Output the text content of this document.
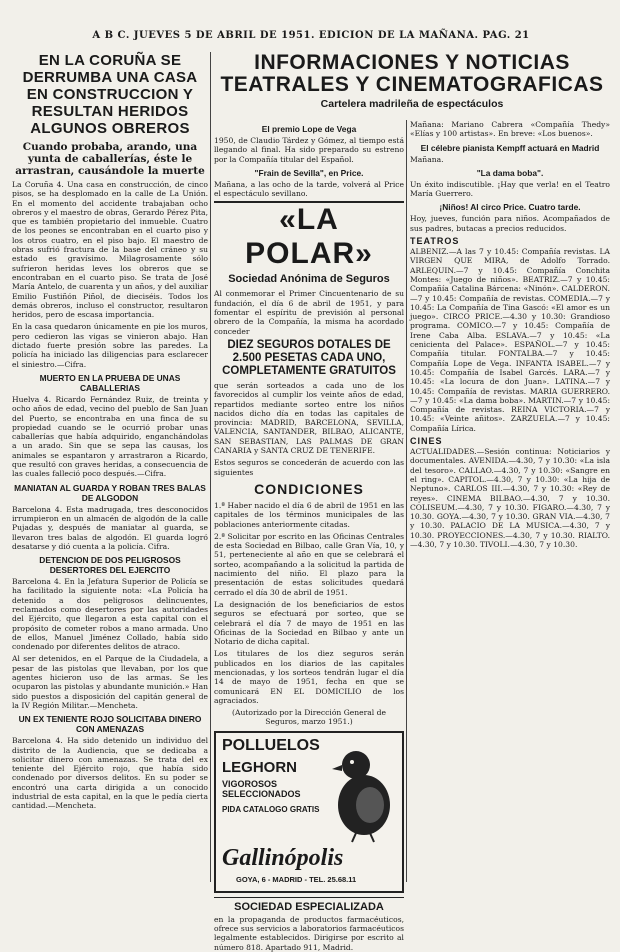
A B C. JUEVES 5 DE ABRIL DE 1951. EDICION DE LA MAÑANA. PAG. 21
EN LA CORUÑA SE DERRUMBA UNA CASA EN CONSTRUCCION Y RESULTAN HERIDOS ALGUNOS OBREROS
Cuando probaba, arando, una yunta de caballerías, éste le arrastran, causándole la muerte

La Coruña 4. Una casa en construcción, de cinco pisos, se ha desplomado en la calle de La Unión. En el momento del accidente trabajaban ocho obreros y el maestro de obras, Gerardo Pérez Pita, que es también propietario del inmueble. Cuatro de los peones se encontraban en el cuarto piso y los otros cuatro, en el piso bajo. El maestro de obras sufrió fractura de la base del cráneo y su estado es gravísimo. Milagrosamente sólo sufrieron heridas leves los obreros que se encontraban en el cuarto piso. Se trata de José María Antelo, de cuarenta y un años, y del auxiliar Emilio Fustiñón Piñol, de dieciséis. Todos los demás obreros, incluso el constructor, resultaron heridos, pero de escasa importancia.

En la casa quedaron únicamente en pie los muros, pero cedieron las vigas se vinieron abajo. Han dictado fuerte presión sobre las paredes. La policía ha iniciado las diligencias para esclarecer el siniestro.—Cifra.

MUERTO EN LA PRUEBA DE UNAS CABALLERIAS

Huelva 4. Ricardo Fernández Ruiz, de treinta y ocho años de edad, vecino del pueblo de San Juan del Puerto, se encontraba en una finca de su propiedad cuando se le ocurrió probar unas caballerías que había adquirido, enganchándolas a un arado. Sin que se sepa las causas, los animales se espantaron y arrastraron a Ricardo, que resultó con graves heridas, a consecuencia de las cuales falleció poco después.—Cifra.

MANIATAN AL GUARDA Y ROBAN TRES BALAS DE ALGODON

Barcelona 4. Esta madrugada, tres desconocidos irrumpieron en un almacén de algodón de la calle Pujadas y, después de maniatar al guarda, se llevaron tres balas de algodón. El guarda logró desatarse y dió cuenta a la policía. Cifra.

DETENCION DE DOS PELIGROSOS DESERTORES DEL EJERCITO

Barcelona 4. En la Jefatura Superior de Policía se ha facilitado la siguiente nota: «La Policía ha detenido a dos peligrosos delincuentes, reclamados como desertores por las autoridades del Ejército, que llegaron a esta capital con el propósito de cometer robos a mano armada. Uno de ellos, Manuel Jiménez Collado, había sido condenado por diferentes delitos de atraco.

Al ser detenidos, en el Parque de la Ciudadela, a pesar de las pistolas que llevaban, por los que agentes hicieron uso de las armas. Se les ocuparon las pistolas y abundante munición.» Han sido puestos a disposición del capitán general de la IV Región Militar.—Mencheta.

UN EX TENIENTE ROJO SOLICITABA DINERO CON AMENAZAS

Barcelona 4. Ha sido detenido un individuo del distrito de la Audiencia, que se dedicaba a solicitar dinero con amenazas. Se trata del ex teniente del Ejército rojo, que había sido condenado por diversos delitos. En su poder se encontró una carta dirigida a un conocido industrial de esta capital, en la que le pedía cierta cantidad.—Mencheta.

INFORMACIONES Y NOTICIAS TEATRALES Y CINEMATOGRAFICAS
Cartelera madrileña de espectáculos
El premio Lope de Vega

1950, de Claudio Tárdez y Gómez, al tiempo está llegando al final. Ha sido preparado su estreno por la Compañía titular del Español.

"Frain de Sevilla", en Price.

Mañana, a las ocho de la tarde, volverá al Price el espectáculo sevillano.

«LA POLAR»
Sociedad Anónima de Seguros

Al conmemorar el Primer Cincuentenario de su fundación, el día 6 de abril de 1951, y para fomentar el espíritu de previsión al personal obrero de la Compañía, la misma ha acordado conceder

DIEZ SEGUROS DOTALES DE 2.500 PESETAS CADA UNO, COMPLETAMENTE GRATUITOS

que serán sorteados a cada uno de los favorecidos al cumplir los veinte años de edad, repartidos mediante sorteo entre los niños nacidos dicho día en todas las capitales de provincia: MADRID, BARCELONA, SEVILLA, VALENCIA, SANTANDER, BILBAO, ALICANTE, SAN SEBASTIAN, LAS PALMAS DE GRAN CANARIA y SANTA CRUZ DE TENERIFE.

Estos seguros se concederán de acuerdo con las siguientes

CONDICIONES

1.ª Haber nacido el día 6 de abril de 1951 en las capitales de los términos municipales de las poblaciones anteriormente citadas.

2.ª Solicitar por escrito en las Oficinas Centrales de esta Sociedad en Bilbao, calle Gran Vía, 10, y 51, perteneciente al año en que se celebrará el sorteo, acompañando a la solicitud la partida de nacimiento del niño. El plazo para la presentación de estas solicitudes quedará cerrado el día 30 de abril de 1951.

La designación de los beneficiarios de estos seguros se efectuará por sorteo, que se celebrará el día 7 de mayo de 1951 en las Oficinas de la Sociedad en Bilbao y ante un Notario de dicha capital.

Los titulares de los diez seguros serán publicados en los diarios de las capitales mencionadas, y los sorteos tendrán lugar el día 14 de mayo de 1951, fecha en que se comunicará EN EL DOMICILIO de los agraciados.

(Autorizado por la Dirección General de Seguros, marzo 1951.)

POLLUELOS
LEGHORN
VIGOROSOS SELECCIONADOS
PIDA CATALOGO GRATIS
Gallinópolis
GOYA, 6 - MADRID - TEL. 25.68.11
SOCIEDAD ESPECIALIZADA

en la propaganda de productos farmacéuticos, ofrece sus servicios a laboratorios farmacéuticos legalmente establecidos. Dirigirse por escrito al número 818. Apartado 911, Madrid.

Mañana: Mariano Cabrera «Compañía Thedy» «Elías y 100 artistas». En breve: «Los buenos».

El célebre pianista Kempff actuará en Madrid

Mañana.

"La dama boba".

Un éxito indiscutible. ¡Hay que verla! en el Teatro María Guerrero.

¡Niños! Al circo Price. Cuatro tarde.

Hoy, jueves, función para niños. Acompañados de sus padres, butacas a precios reducidos.

TEATROS

ALBENIZ.—A las 7 y 10.45: Compañía revistas. LA VIRGEN QUE MIRA, de Adolfo Torrado. ARLEQUIN.—7 y 10.45: Compañía Conchita Montes: «Juego de niños». BEATRIZ.—7 y 10.45: Compañía Catalina Bárcena: «Ninón». CALDERON.—7 y 10.45: Compañía de revistas. COMEDIA.—7 y 10.45: La Compañía de Tina Gascó: «El amor es un juego». CIRCO PRICE.—4.30 y 10.30: Grandioso programa. COMICO.—7 y 10.45: Compañía de Irene Caba Alba. ESLAVA.—7 y 10.45: «La cenicienta del Palace». ESPAÑOL.—7 y 10.45: Compañía titular. FONTALBA.—7 y 10.45: Compañía Lope de Vega. INFANTA ISABEL.—7 y 10.45: Compañía de Isabel Garcés. LARA.—7 y 10.45: «La locura de don Juan». LATINA.—7 y 10.45: Compañía de revistas. MARIA GUERRERO.—7 y 10.45: «La dama boba». MARTIN.—7 y 10.45: Compañía de revistas. REINA VICTORIA.—7 y 10.45: «Veinte añitos». ZARZUELA.—7 y 10.45: Compañía Lírica.

CINES

ACTUALIDADES.—Sesión continua: Noticiarios y documentales. AVENIDA.—4.30, 7 y 10.30: «La isla del tesoro». CALLAO.—4.30, 7 y 10.30: «Sangre en el ring». CAPITOL.—4.30, 7 y 10.30: «La hija de Neptuno». CARLOS III.—4.30, 7 y 10.30: «Rey de reyes». CINEMA BILBAO.—4.30, 7 y 10.30. COLISEUM.—4.30, 7 y 10.30. FIGARO.—4.30, 7 y 10.30. GOYA.—4.30, 7 y 10.30. GRAN VIA.—4.30, 7 y 10.30. PALACIO DE LA MUSICA.—4.30, 7 y 10.30. PROYECCIONES.—4.30, 7 y 10.30. RIALTO.—4.30, 7 y 10.30. TIVOLI.—4.30, 7 y 10.30.
